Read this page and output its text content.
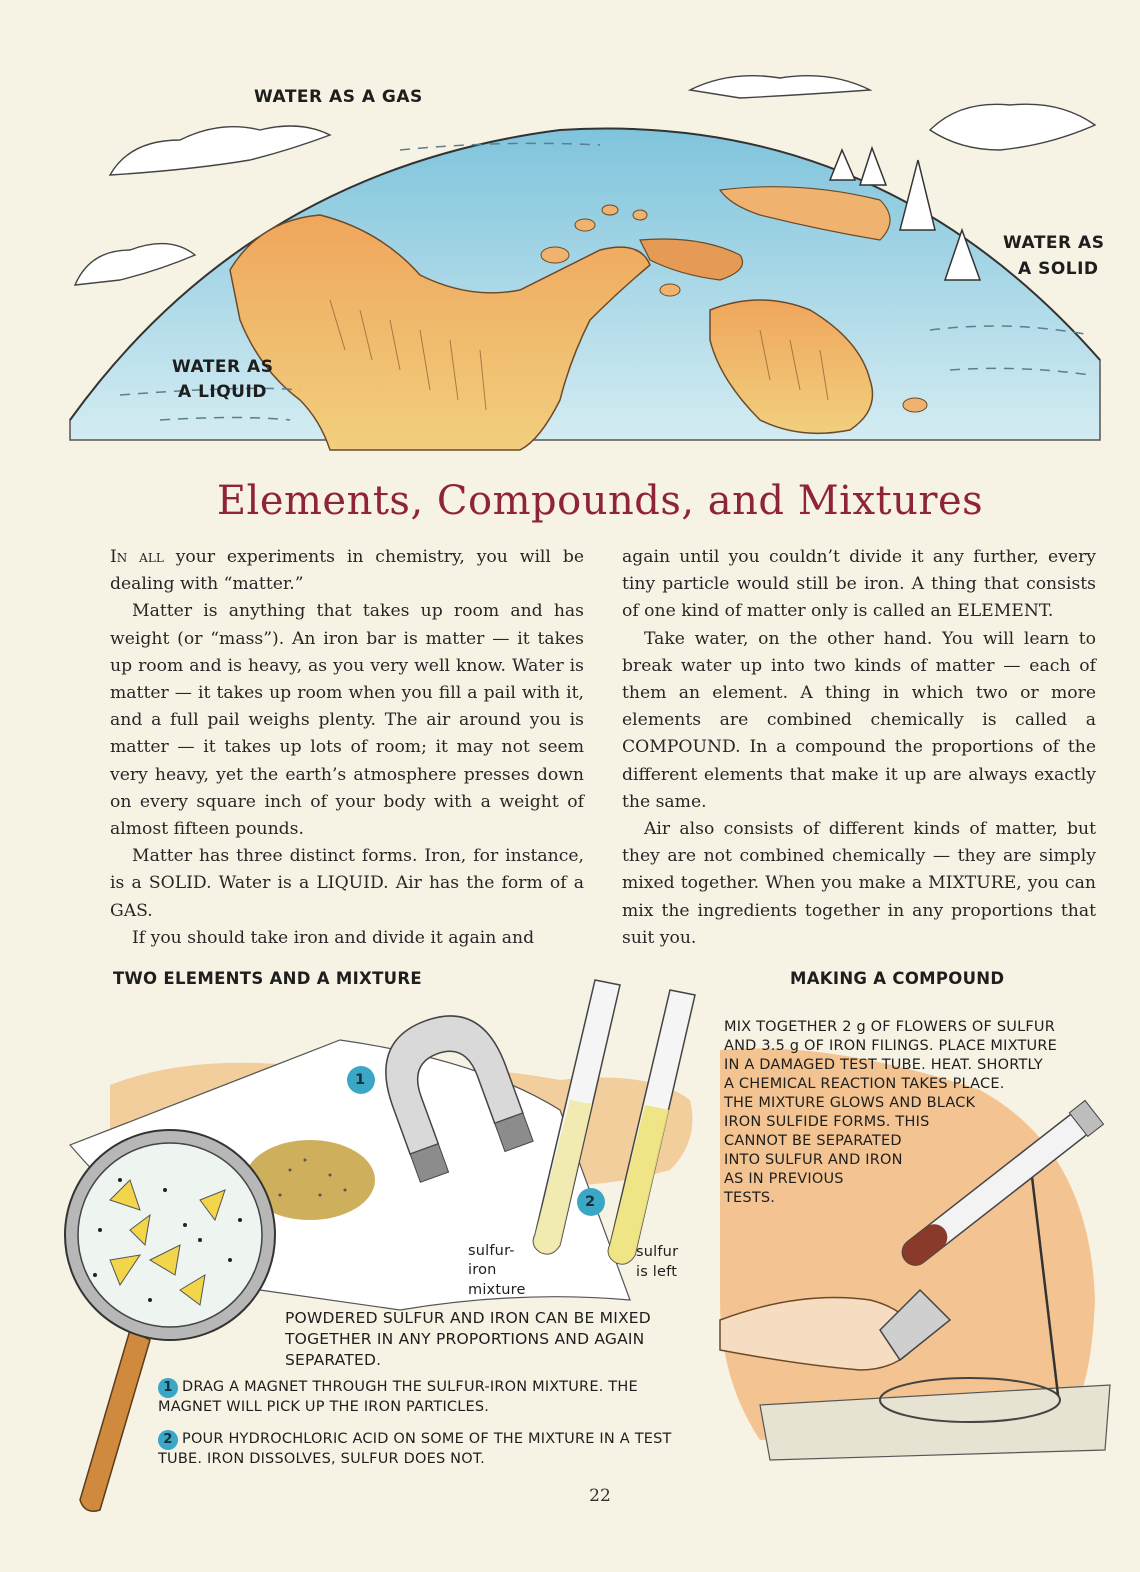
WATER AS A GAS
WATER AS
A SOLID
WATER AS
A LIQUID
Elements, Compounds, and Mixtures

In all your experiments in chemistry, you will be dealing with “matter.”

Matter is anything that takes up room and has weight (or “mass”). An iron bar is matter — it takes up room and is heavy, as you very well know. Water is matter — it takes up room when you fill a pail with it, and a full pail weighs plenty. The air around you is matter — it takes up lots of room; it may not seem very heavy, yet the earth’s atmosphere presses down on every square inch of your body with a weight of almost fifteen pounds.

Matter has three distinct forms. Iron, for instance, is a SOLID. Water is a LIQUID. Air has the form of a GAS.

If you should take iron and divide it again and

again until you couldn’t divide it any further, every tiny particle would still be iron. A thing that consists of one kind of matter only is called an ELEMENT.

Take water, on the other hand. You will learn to break water up into two kinds of matter — each of them an element. A thing in which two or more elements are combined chemically is called a COMPOUND. In a compound the proportions of the different elements that make it up are always exactly the same.

Air also consists of different kinds of matter, but they are not combined chemically — they are simply mixed together. When you make a MIXTURE, you can mix the ingredients together in any proportions that suit you.

TWO ELEMENTS AND A MIXTURE
1
2
sulfur-
iron
mixture
sulfur
is left
POWDERED SULFUR AND IRON CAN BE MIXED TOGETHER IN ANY PROPORTIONS AND AGAIN SEPARATED.
1 DRAG A MAGNET THROUGH THE SULFUR-IRON MIXTURE. THE MAGNET WILL PICK UP THE IRON PARTICLES.
2 POUR HYDROCHLORIC ACID ON SOME OF THE MIXTURE IN A TEST TUBE. IRON DISSOLVES, SULFUR DOES NOT.
MAKING A COMPOUND
MIX TOGETHER 2 g OF FLOWERS OF SULFUR
AND 3.5 g OF IRON FILINGS. PLACE MIXTURE
IN A DAMAGED TEST TUBE. HEAT. SHORTLY
A CHEMICAL REACTION TAKES PLACE.
THE MIXTURE GLOWS AND BLACK
IRON SULFIDE FORMS. THIS
CANNOT BE SEPARATED
INTO SULFUR AND IRON
AS IN PREVIOUS
TESTS.
22
